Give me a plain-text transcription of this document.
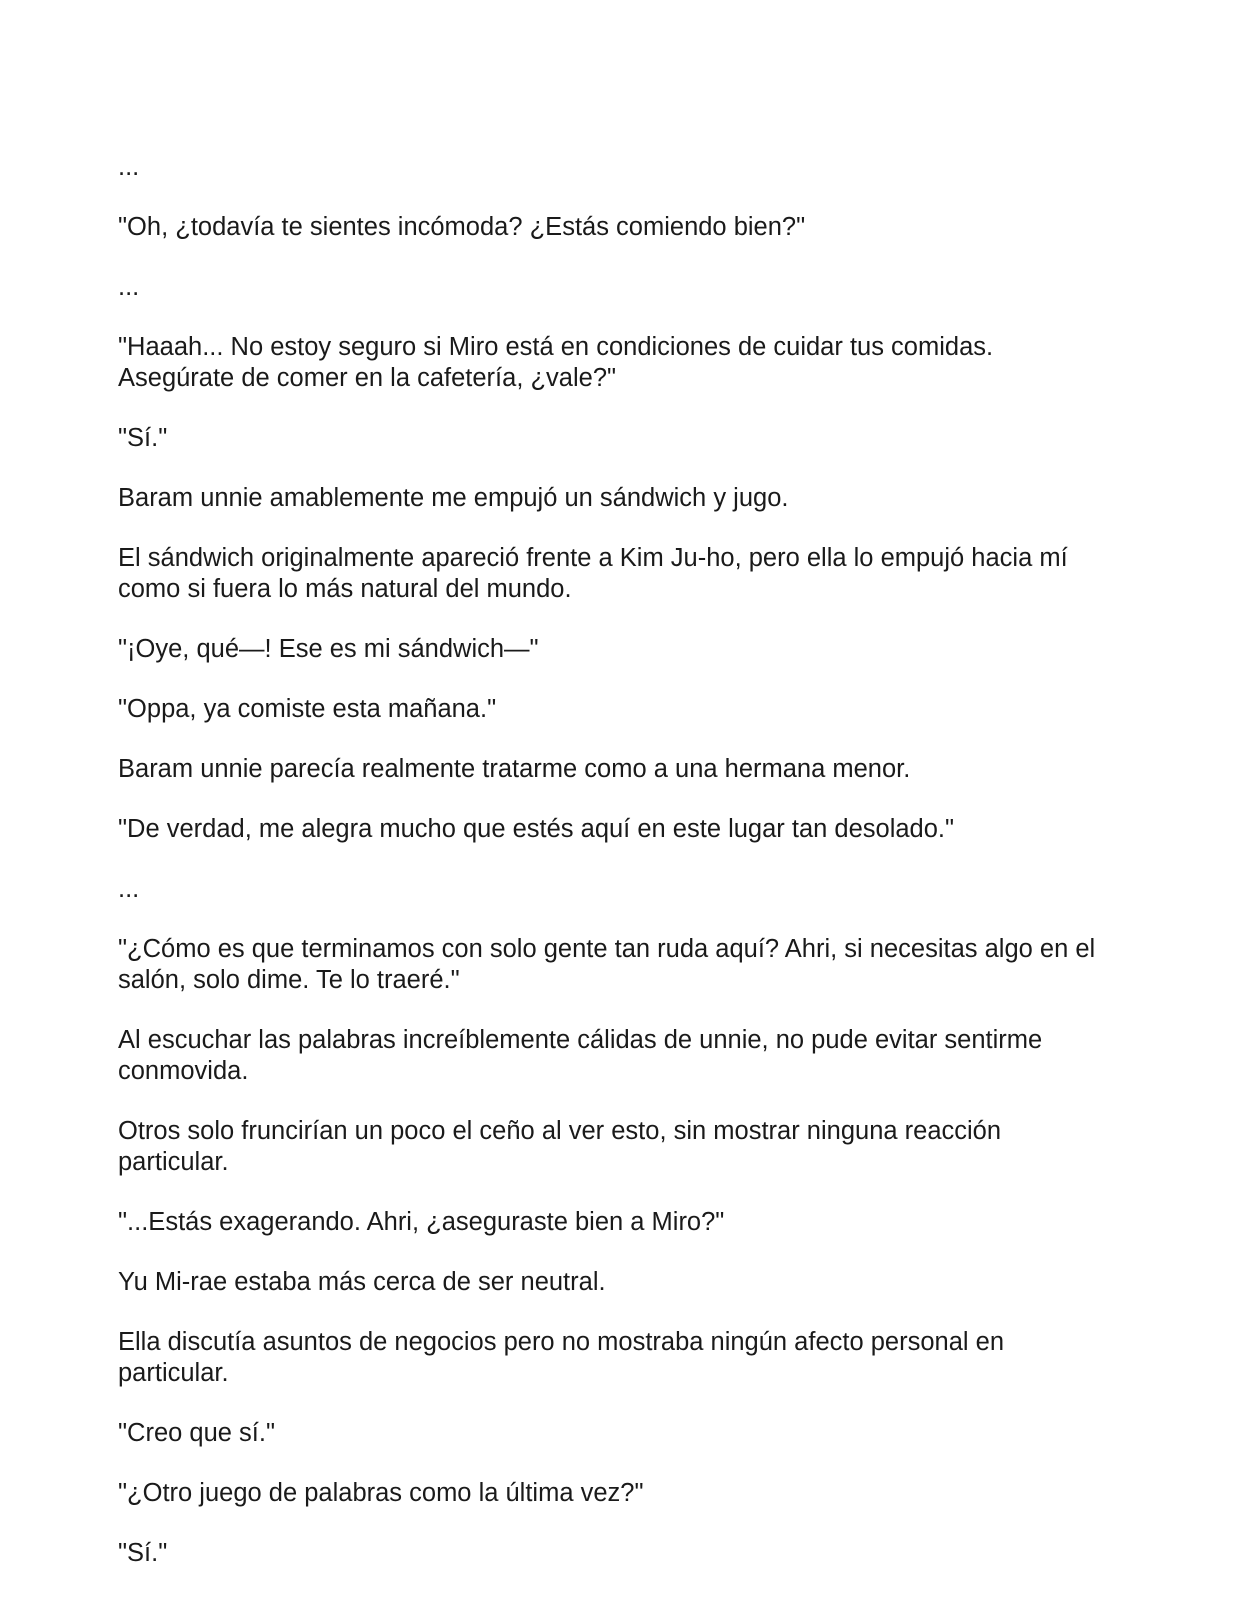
...

"Oh, ¿todavía te sientes incómoda? ¿Estás comiendo bien?"

...

"Haaah... No estoy seguro si Miro está en condiciones de cuidar tus comidas. Asegúrate de comer en la cafetería, ¿vale?"

"Sí."

Baram unnie amablemente me empujó un sándwich y jugo.

El sándwich originalmente apareció frente a Kim Ju-ho, pero ella lo empujó hacia mí como si fuera lo más natural del mundo.

"¡Oye, qué—! Ese es mi sándwich—"

"Oppa, ya comiste esta mañana."

Baram unnie parecía realmente tratarme como a una hermana menor.

"De verdad, me alegra mucho que estés aquí en este lugar tan desolado."

...

"¿Cómo es que terminamos con solo gente tan ruda aquí? Ahri, si necesitas algo en el salón, solo dime. Te lo traeré."

Al escuchar las palabras increíblemente cálidas de unnie, no pude evitar sentirme conmovida.

Otros solo fruncirían un poco el ceño al ver esto, sin mostrar ninguna reacción particular.

"...Estás exagerando. Ahri, ¿aseguraste bien a Miro?"

Yu Mi-rae estaba más cerca de ser neutral.

Ella discutía asuntos de negocios pero no mostraba ningún afecto personal en particular.

"Creo que sí."

"¿Otro juego de palabras como la última vez?"

"Sí."
